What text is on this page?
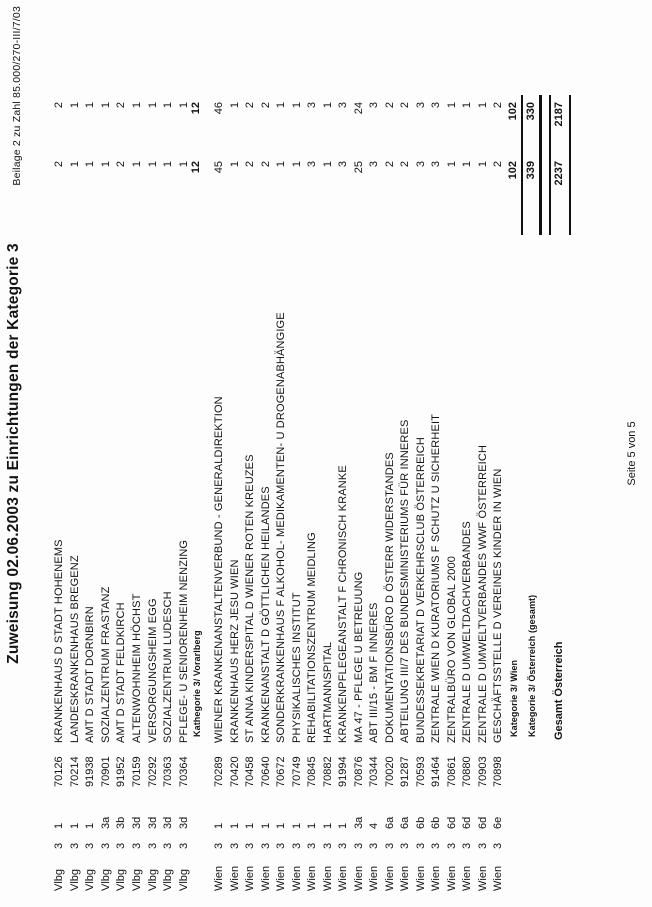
Beilage 2 zu Zahl 85.000/270-III/7/03
Zuweisung 02.06.2003 zu Einrichtungen der Kategorie 3
Vlbg
3
1
70126
KRANKENHAUS D STADT HOHENEMS
2
2
Vlbg
3
1
70214
LANDESKRANKENHAUS BREGENZ
1
1
Vlbg
3
1
91938
AMT D STADT DORNBIRN
1
1
Vlbg
3
3a
70901
SOZIALZENTRUM FRASTANZ
1
1
Vlbg
3
3b
91952
AMT D STADT FELDKIRCH
2
2
Vlbg
3
3d
70159
ALTENWOHNHEIM HÖCHST
1
1
Vlbg
3
3d
70292
VERSORGUNGSHEIM EGG
1
1
Vlbg
3
3d
70363
SOZIALZENTRUM LUDESCH
1
1
Vlbg
3
3d
70364
PFLEGE- U SENIORENHEIM NENZING
1
1
Wien
3
1
70289
WIENER KRANKENANSTALTENVERBUND - GENERALDIREKTION
45
46
Wien
3
1
70420
KRANKENHAUS HERZ JESU WIEN
1
1
Wien
3
1
70458
ST ANNA KINDERSPITAL D WIENER ROTEN KREUZES
2
2
Wien
3
1
70640
KRANKENANSTALT D GÖTTLICHEN HEILANDES
2
2
Wien
3
1
70672
SONDERKRANKENHAUS F ALKOHOL- MEDIKAMENTEN- U DROGENABHÄNGIGE
1
1
Wien
3
1
70749
PHYSIKALISCHES INSTITUT
1
1
Wien
3
1
70845
REHABILITATIONSZENTRUM MEIDLING
3
3
Wien
3
1
70882
HARTMANNSPITAL
1
1
Wien
3
1
91994
KRANKENPFLEGEANSTALT F CHRONISCH KRANKE
3
3
Wien
3
3a
70876
MA 47 - PFLEGE U BETREUUNG
25
24
Wien
3
4
70344
ABT III/15 - BM F INNERES
3
3
Wien
3
6a
70020
DOKUMENTATIONSBÜRO D ÖSTERR WIDERSTANDES
2
2
Wien
3
6a
91287
ABTEILUNG III/7 DES BUNDESMINISTERIUMS FÜR INNERES
2
2
Wien
3
6b
70593
BUNDESSEKRETARIAT D VERKEHRSCLUB ÖSTERREICH
3
3
Wien
3
6b
91464
ZENTRALE WIEN D KURATORIUMS F SCHUTZ U SICHERHEIT
3
3
Wien
3
6d
70861
ZENTRALBÜRO VON GLOBAL 2000
1
1
Wien
3
6d
70880
ZENTRALE D UMWELTDACHVERBANDES
1
1
Wien
3
6d
70903
ZENTRALE D UMWELTVERBANDES WWF ÖSTERREICH
1
1
Wien
3
6e
70898
GESCHÄFTSSTELLE D VEREINES KINDER IN WIEN
2
2
Kathegorie 3/ Vorarlberg
12
12
Kategorie 3/ Wien
102
102
Kategorie 3/ Österreich (gesamt)
339
330
Gesamt Österreich
2237
2187
Seite 5 von 5
